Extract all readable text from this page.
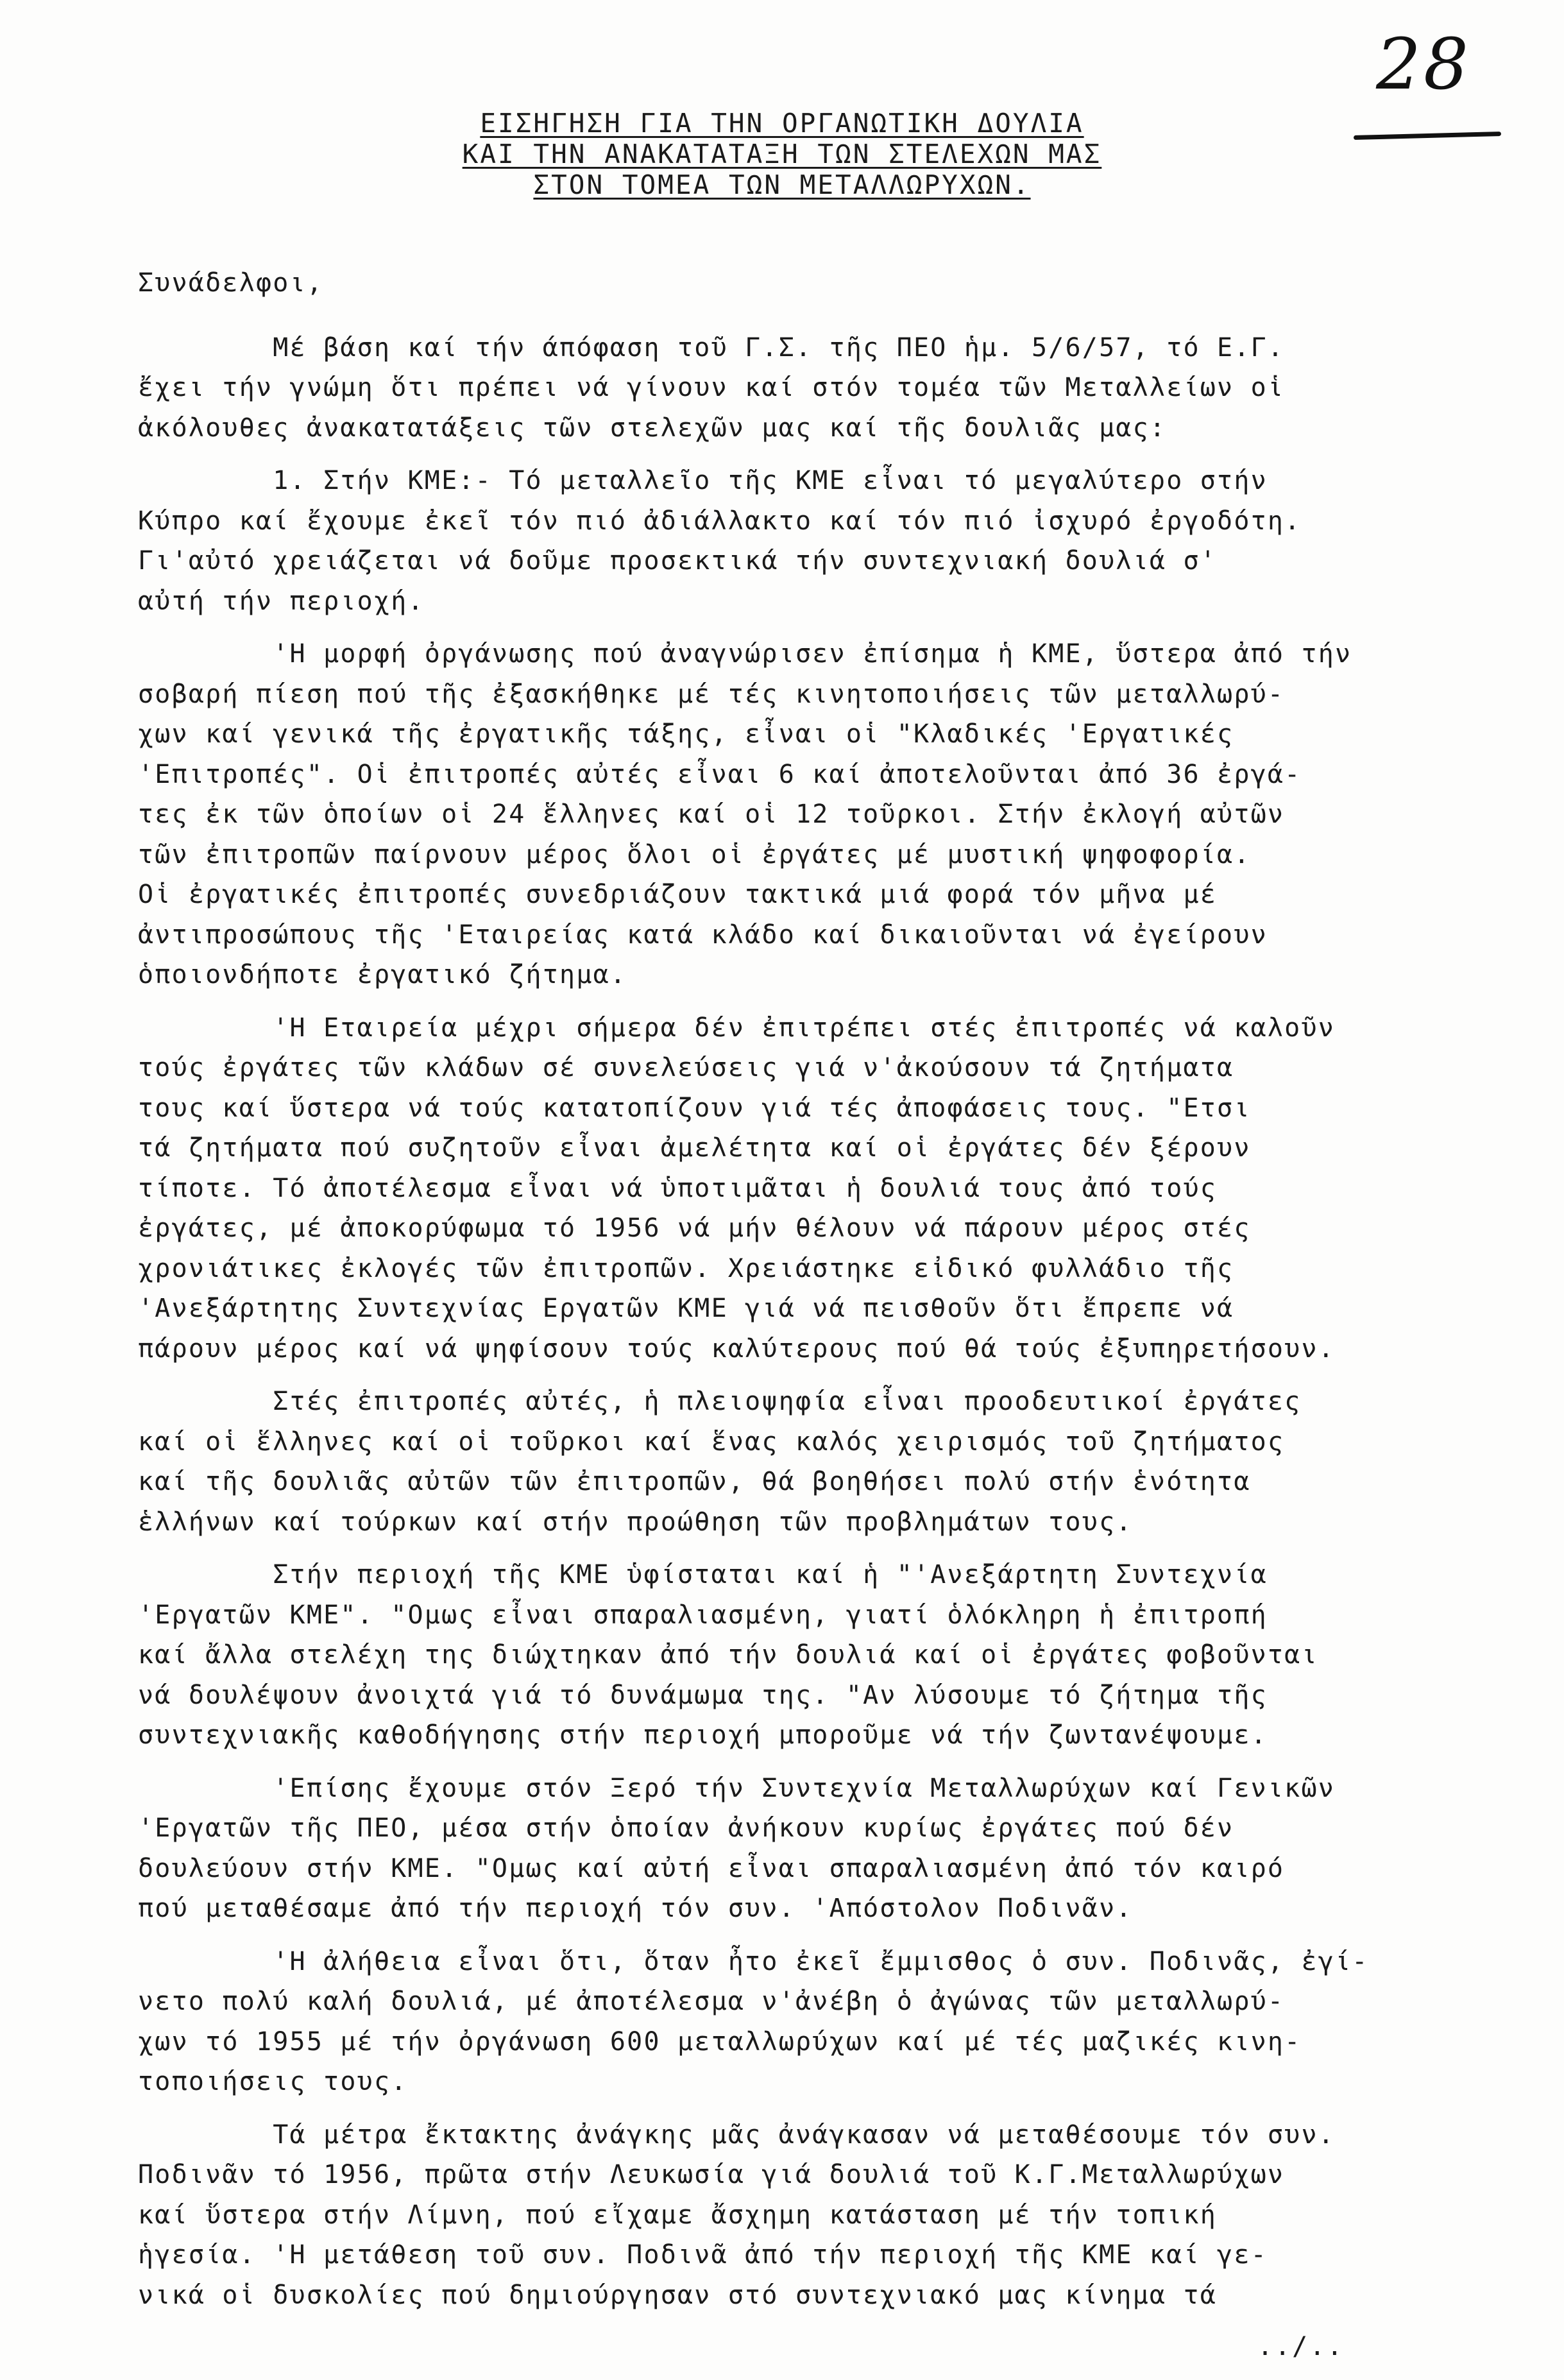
28
ΕΙΣΗΓΗΣΗ ΓΙΑ ΤΗΝ ΟΡΓΑΝΩΤΙΚΗ ΔΟΥΛΙΑ
ΚΑΙ ΤΗΝ ΑΝΑΚΑΤΑΤΑΞΗ ΤΩΝ ΣΤΕΛΕΧΩΝ ΜΑΣ
ΣΤΟΝ ΤΟΜΕΑ ΤΩΝ ΜΕΤΑΛΛΩΡΥΧΩΝ.
Συνάδελφοι,
Μέ βάση καί τήν άπόφαση τοῦ Γ.Σ. τῆς ΠΕΟ ἡμ. 5/6/57, τό Ε.Γ.
ἔχει τήν γνώμη ὅτι πρέπει νά γίνουν καί στόν τομέα τῶν Μεταλλείων οἱ
ἀκόλουθες ἀνακατατάξεις τῶν στελεχῶν μας καί τῆς δουλιᾶς μας:
1. Στήν ΚΜΕ:- Τό μεταλλεῖο τῆς ΚΜΕ εἶναι τό μεγαλύτερο στήν
Κύπρο καί ἔχουμε ἐκεῖ τόν πιό ἀδιάλλακτο καί τόν πιό ἰσχυρό ἐργοδότη.
Γι'αὐτό χρειάζεται νά δοῦμε προσεκτικά τήν συντεχνιακή δουλιά σ'
αὐτή τήν περιοχή.
'Η μορφή ὀργάνωσης πού ἀναγνώρισεν ἐπίσημα ἡ ΚΜΕ, ὕστερα ἀπό τήν
σοβαρή πίεση πού τῆς ἐξασκήθηκε μέ τές κινητοποιήσεις τῶν μεταλλωρύ-
χων καί γενικά τῆς ἐργατικῆς τάξης, εἶναι οἱ "Κλαδικές 'Εργατικές
'Επιτροπές". Οἱ ἐπιτροπές αὐτές εἶναι 6 καί ἀποτελοῦνται ἀπό 36 ἐργά-
τες ἐκ τῶν ὁποίων οἱ 24 ἕλληνες καί οἱ 12 τοῦρκοι. Στήν ἐκλογή αὐτῶν
τῶν ἐπιτροπῶν παίρνουν μέρος ὅλοι οἱ ἐργάτες μέ μυστική ψηφοφορία.
Οἱ ἐργατικές ἐπιτροπές συνεδριάζουν τακτικά μιά φορά τόν μῆνα μέ
ἀντιπροσώπους τῆς 'Εταιρείας κατά κλάδο καί δικαιοῦνται νά ἐγείρουν
ὁποιονδήποτε ἐργατικό ζήτημα.
'Η Εταιρεία μέχρι σήμερα δέν ἐπιτρέπει στές ἐπιτροπές νά καλοῦν
τούς ἐργάτες τῶν κλάδων σέ συνελεύσεις γιά ν'ἀκούσουν τά ζητήματα
τους καί ὕστερα νά τούς κατατοπίζουν γιά τές ἀποφάσεις τους. "Ετσι
τά ζητήματα πού συζητοῦν εἶναι ἀμελέτητα καί οἱ ἐργάτες δέν ξέρουν
τίποτε. Τό ἀποτέλεσμα εἶναι νά ὑποτιμᾶται ἡ δουλιά τους ἀπό τούς
ἐργάτες, μέ ἀποκορύφωμα τό 1956 νά μήν θέλουν νά πάρουν μέρος στές
χρονιάτικες ἐκλογές τῶν ἐπιτροπῶν. Χρειάστηκε εἰδικό φυλλάδιο τῆς
'Ανεξάρτητης Συντεχνίας Εργατῶν ΚΜΕ γιά νά πεισθοῦν ὅτι ἔπρεπε νά
πάρουν μέρος καί νά ψηφίσουν τούς καλύτερους πού θά τούς ἐξυπηρετήσουν.
Στές ἐπιτροπές αὐτές, ἡ πλειοψηφία εἶναι προοδευτικοί ἐργάτες
καί οἱ ἕλληνες καί οἱ τοῦρκοι καί ἕνας καλός χειρισμός τοῦ ζητήματος
καί τῆς δουλιᾶς αὐτῶν τῶν ἐπιτροπῶν, θά βοηθήσει πολύ στήν ἑνότητα
ἑλλήνων καί τούρκων καί στήν προώθηση τῶν προβλημάτων τους.
Στήν περιοχή τῆς ΚΜΕ ὑφίσταται καί ἡ "'Ανεξάρτητη Συντεχνία
'Εργατῶν ΚΜΕ". "Ομως εἶναι σπαραλιασμένη, γιατί ὁλόκληρη ἡ ἐπιτροπή
καί ἄλλα στελέχη της διώχτηκαν ἀπό τήν δουλιά καί οἱ ἐργάτες φοβοῦνται
νά δουλέψουν ἀνοιχτά γιά τό δυνάμωμα της. "Αν λύσουμε τό ζήτημα τῆς
συντεχνιακῆς καθοδήγησης στήν περιοχή μποροῦμε νά τήν ζωντανέψουμε.
'Επίσης ἔχουμε στόν Ξερό τήν Συντεχνία Μεταλλωρύχων καί Γενικῶν
'Εργατῶν τῆς ΠΕΟ, μέσα στήν ὁποίαν ἀνήκουν κυρίως ἐργάτες πού δέν
δουλεύουν στήν ΚΜΕ. "Ομως καί αὐτή εἶναι σπαραλιασμένη ἀπό τόν καιρό
πού μεταθέσαμε ἀπό τήν περιοχή τόν συν. 'Απόστολον Ποδινᾶν.
'Η ἀλήθεια εἶναι ὅτι, ὅταν ἦτο ἐκεῖ ἔμμισθος ὁ συν. Ποδινᾶς, ἐγί-
νετο πολύ καλή δουλιά, μέ ἀποτέλεσμα ν'ἀνέβη ὁ ἀγώνας τῶν μεταλλωρύ-
χων τό 1955 μέ τήν ὀργάνωση 600 μεταλλωρύχων καί μέ τές μαζικές κινη-
τοποιήσεις τους.
Τά μέτρα ἔκτακτης ἀνάγκης μᾶς ἀνάγκασαν νά μεταθέσουμε τόν συν.
Ποδινᾶν τό 1956, πρῶτα στήν Λευκωσία γιά δουλιά τοῦ Κ.Γ.Μεταλλωρύχων
καί ὕστερα στήν Λίμνη, πού εἴχαμε ἄσχημη κατάσταση μέ τήν τοπική
ἡγεσία. 'Η μετάθεση τοῦ συν. Ποδινᾶ ἀπό τήν περιοχή τῆς ΚΜΕ καί γε-
νικά οἱ δυσκολίες πού δημιούργησαν στό συντεχνιακό μας κίνημα τά
../..
